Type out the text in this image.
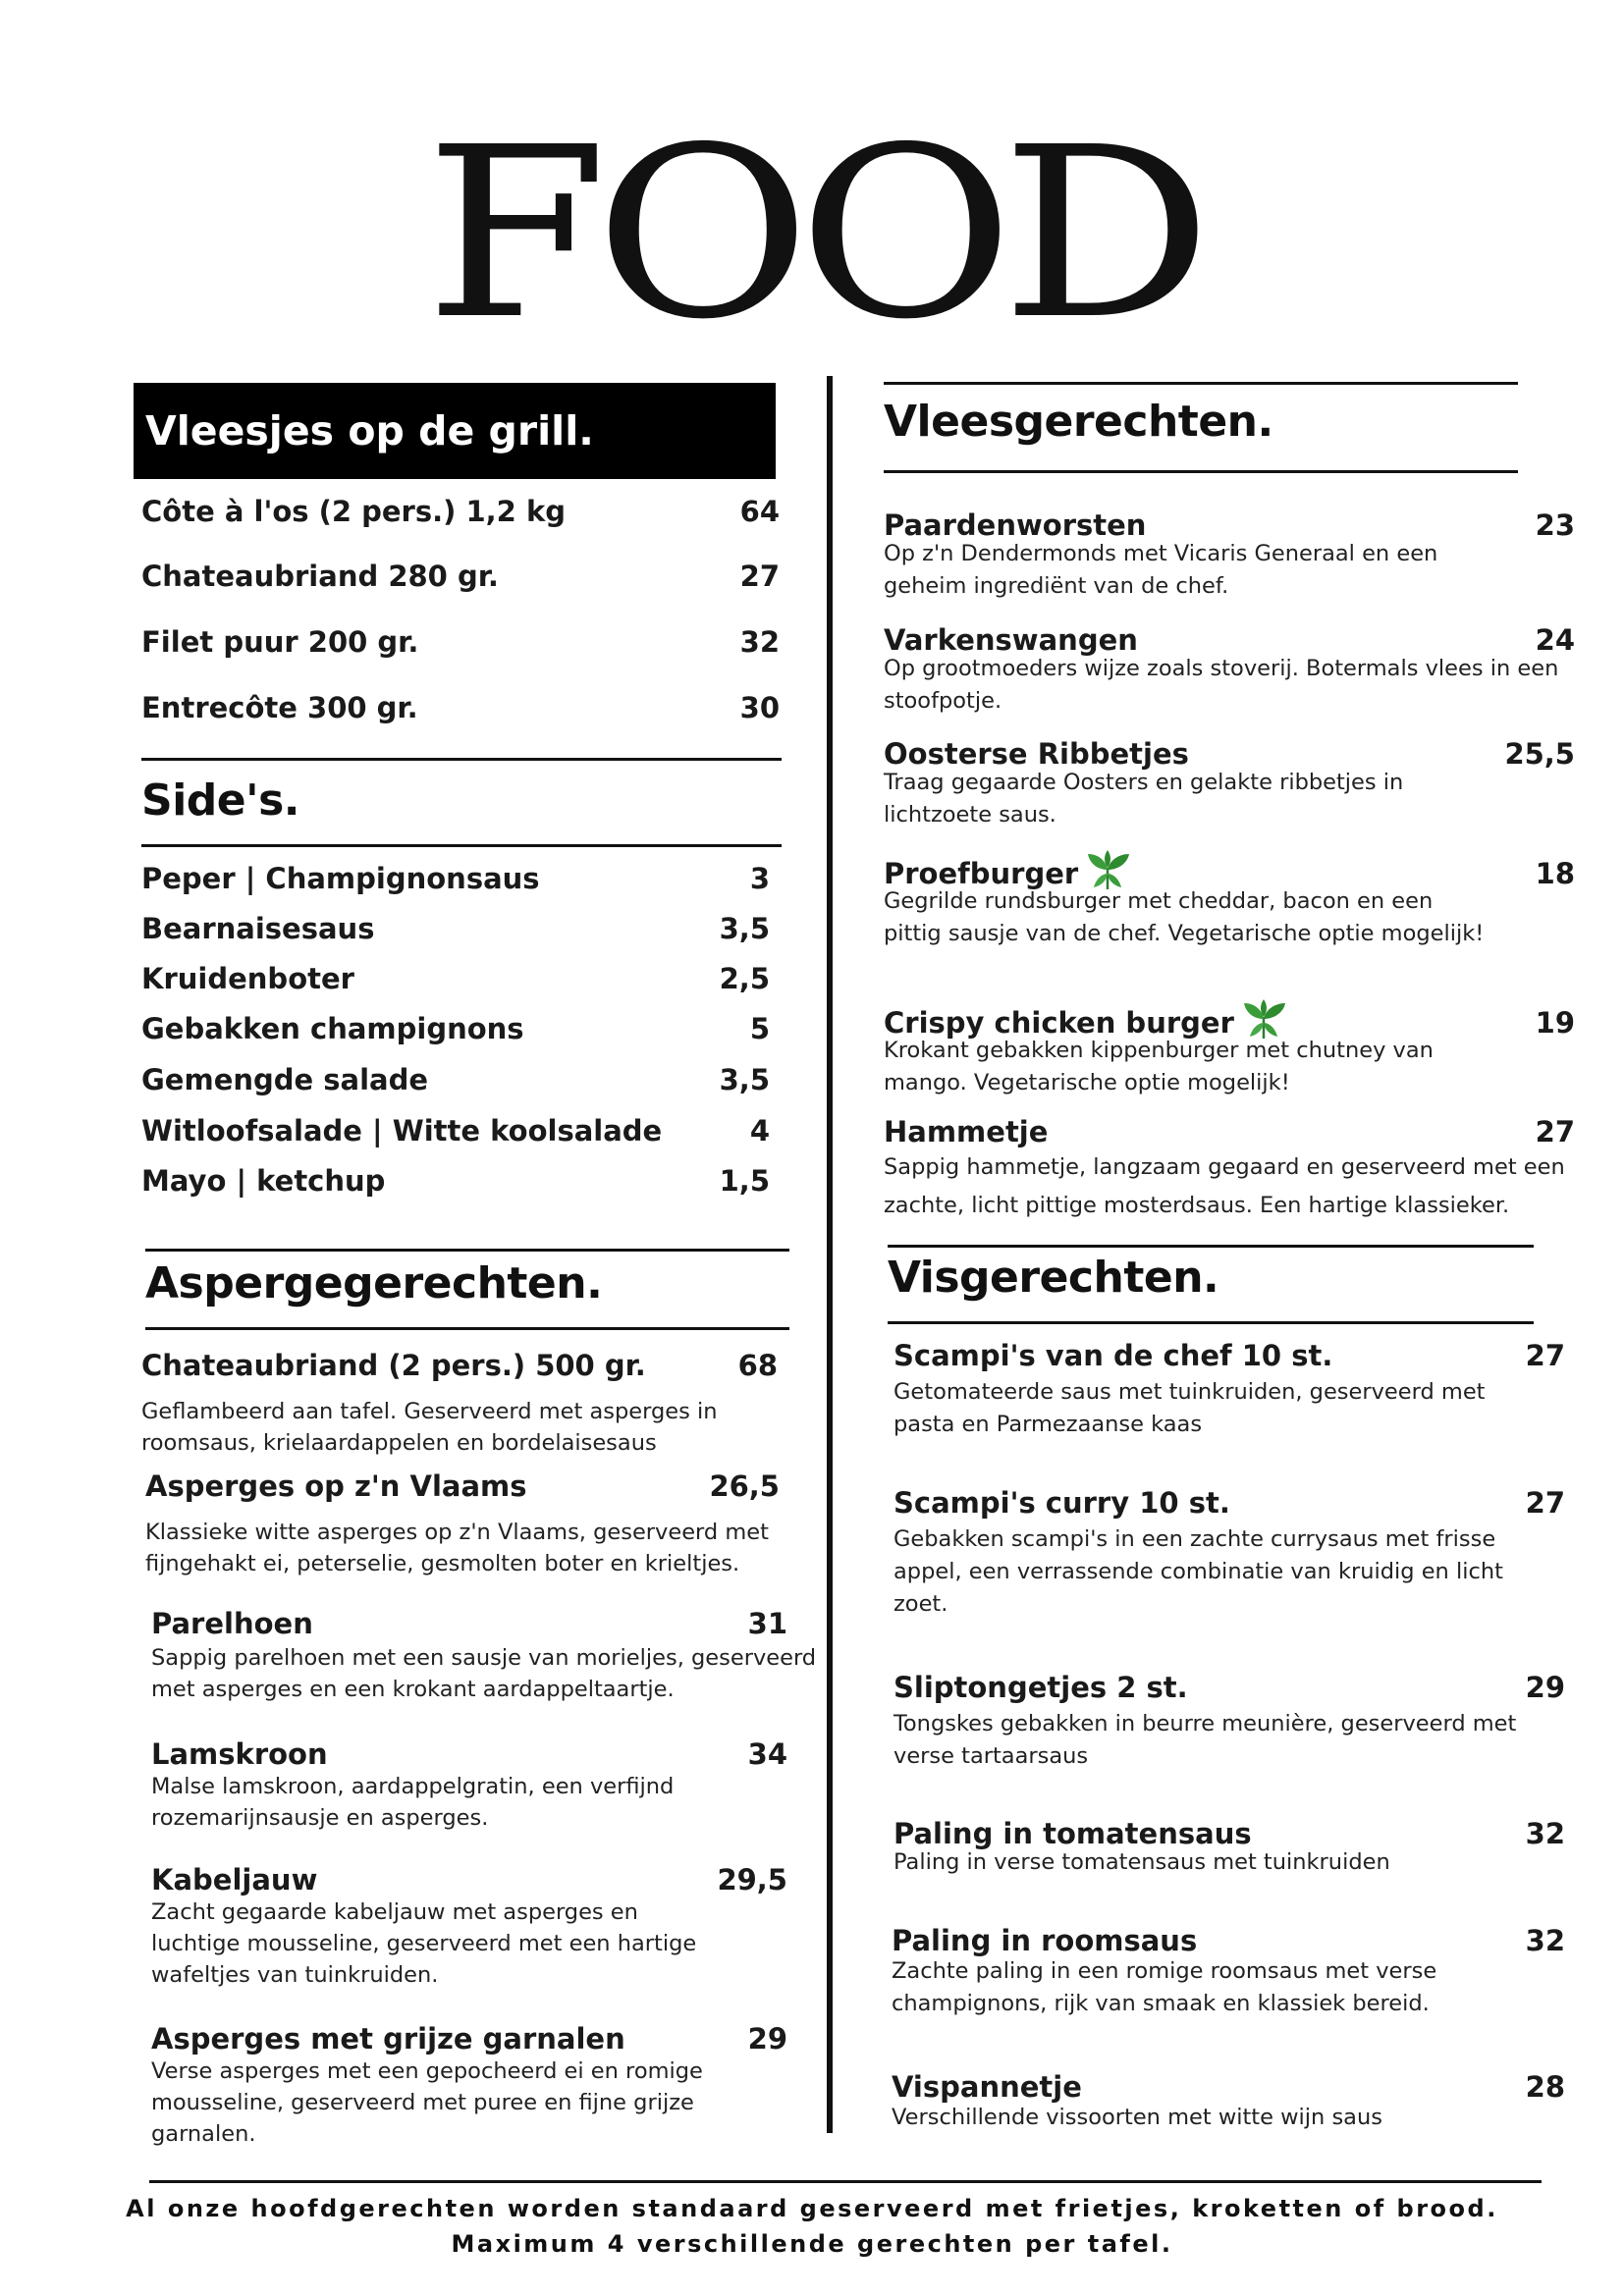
FOOD
Vleesjes op de grill.
Côte à l'os (2 pers.) 1,2 kg	64
Chateaubriand 280 gr.	27
Filet puur 200 gr.	32
Entrecôte 300 gr.	30
Side's.
Peper | Champignonsaus	3
Bearnaisesaus	3,5
Kruidenboter	2,5
Gebakken champignons	5
Gemengde salade	3,5
Witloofsalade | Witte koolsalade	4
Mayo | ketchup	1,5
Aspergegerechten.
Chateaubriand (2 pers.) 500 gr.	68
Geflambeerd aan tafel. Geserveerd met asperges in roomsaus, krielaardappelen en bordelaisesaus
Asperges op z'n Vlaams	26,5
Klassieke witte asperges op z'n Vlaams, geserveerd met fijngehakt ei, peterselie, gesmolten boter en krieltjes.
Parelhoen	31
Sappig parelhoen met een sausje van morieljes, geserveerd met asperges en een krokant aardappeltaartje.
Lamskroon	34
Malse lamskroon, aardappelgratin, een verfijnd rozemarijnsausje en asperges.
Kabeljauw	29,5
Zacht gegaarde kabeljauw met asperges en luchtige mousseline, geserveerd met een hartige wafeltjes van tuinkruiden.
Asperges met grijze garnalen	29
Verse asperges met een gepocheerd ei en romige mousseline, geserveerd met puree en fijne grijze garnalen.
Vleesgerechten.
Paardenworsten	23
Op z'n Dendermonds met Vicaris Generaal en een geheim ingrediënt van de chef.
Varkenswangen	24
Op grootmoeders wijze zoals stoverij. Botermals vlees in een stoofpotje.
Oosterse Ribbetjes	25,5
Traag gegaarde Oosters en gelakte ribbetjes in lichtzoete saus.
Proefburger	18
Gegrilde rundsburger met cheddar, bacon en een pittig sausje van de chef. Vegetarische optie mogelijk!
Crispy chicken burger	19
Krokant gebakken kippenburger met chutney van mango. Vegetarische optie mogelijk!
Hammetje	27
Sappig hammetje, langzaam gegaard en geserveerd met een zachte, licht pittige mosterdsaus. Een hartige klassieker.
Visgerechten.
Scampi's van de chef 10 st.	27
Getomateerde saus met tuinkruiden, geserveerd met pasta en Parmezaanse kaas
Scampi's curry 10 st.	27
Gebakken scampi's in een zachte currysaus met frisse appel, een verrassende combinatie van kruidig en licht zoet.
Sliptongetjes 2 st.	29
Tongskes gebakken in beurre meunière, geserveerd met verse tartaarsaus
Paling in tomatensaus	32
Paling in verse tomatensaus met tuinkruiden
Paling in roomsaus	32
Zachte paling in een romige roomsaus met verse champignons, rijk van smaak en klassiek bereid.
Vispannetje	28
Verschillende vissoorten met witte wijn saus
Al onze hoofdgerechten worden standaard geserveerd met frietjes, kroketten of brood.
Maximum 4 verschillende gerechten per tafel.
